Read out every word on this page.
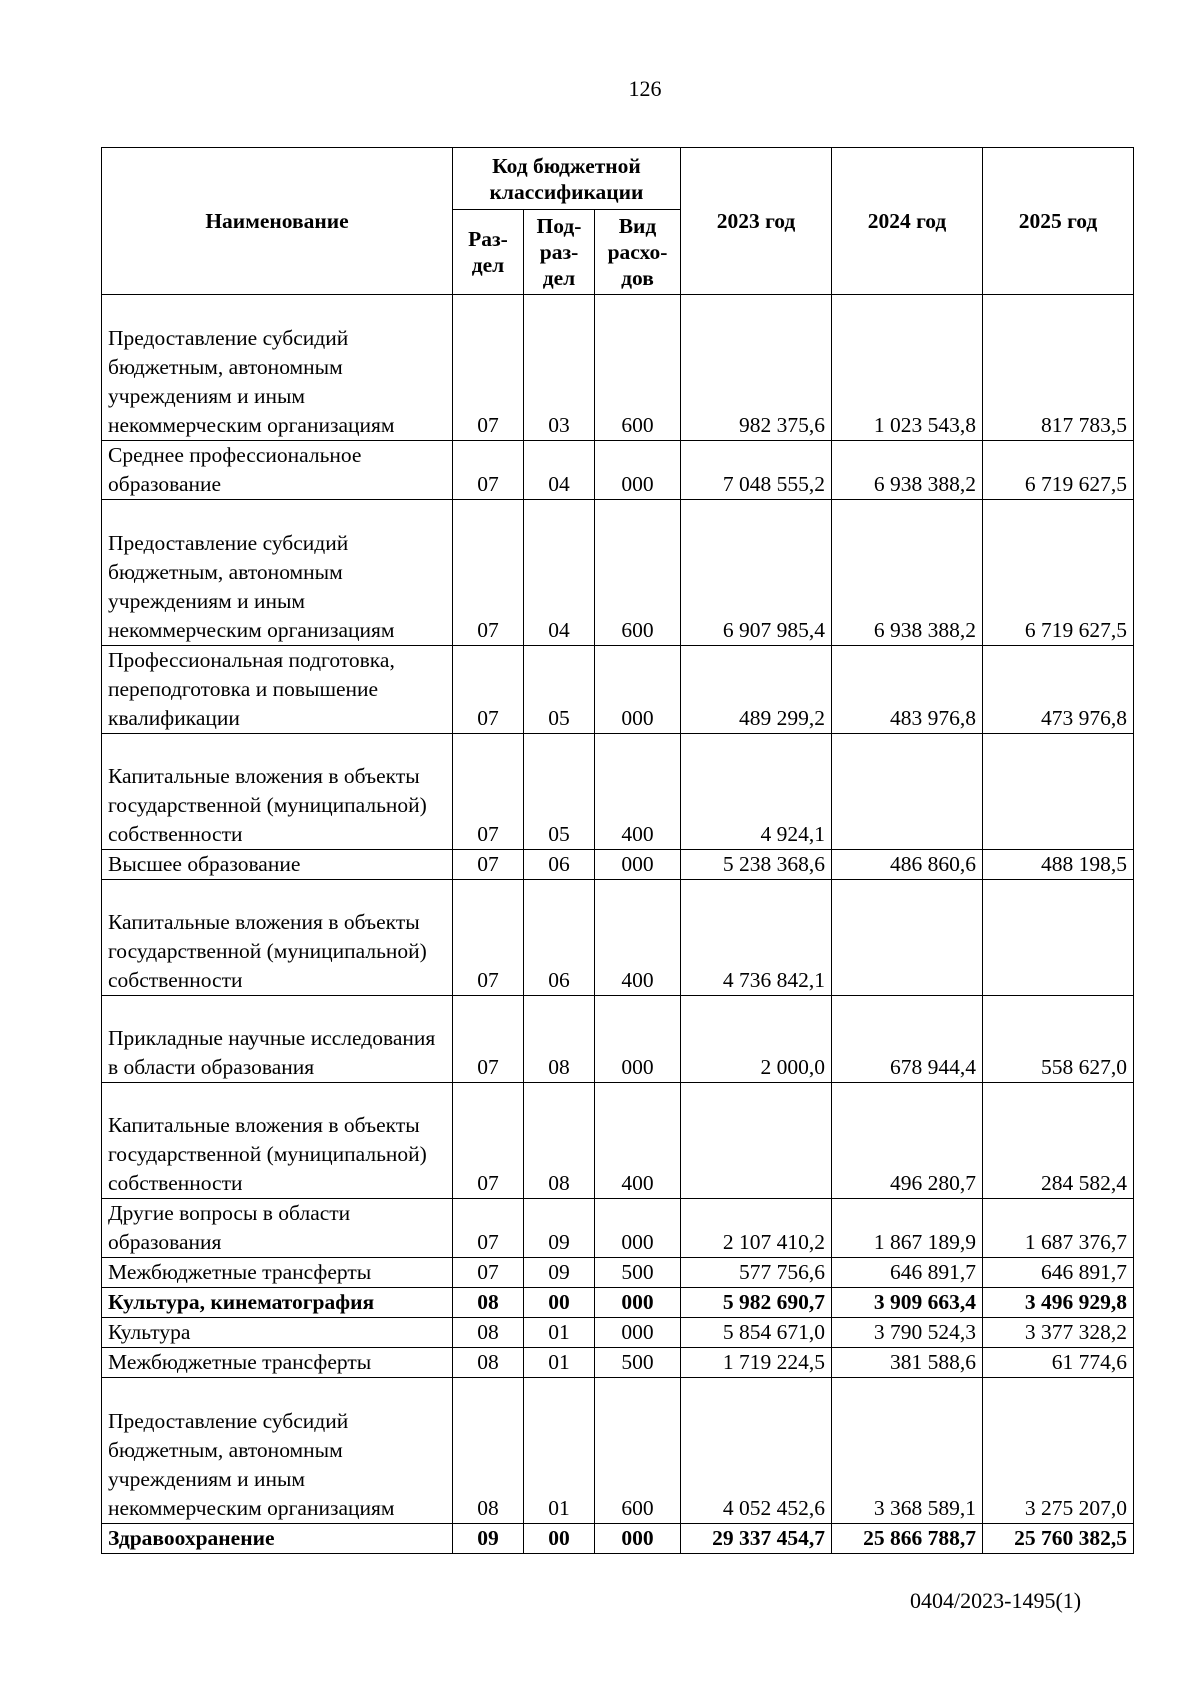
126
Наименование	Код бюджетной классификации			2023 год	2024 год	2025 год
	Раз-дел	Под-раз-дел	Вид расхо-дов			
Предоставление субсидий бюджетным, автономным учреждениям и иным некоммерческим организациям	07	03	600	982 375,6	1 023 543,8	817 783,5
Среднее профессиональное образование	07	04	000	7 048 555,2	6 938 388,2	6 719 627,5
Предоставление субсидий бюджетным, автономным учреждениям и иным некоммерческим организациям	07	04	600	6 907 985,4	6 938 388,2	6 719 627,5
Профессиональная подготовка, переподготовка и повышение квалификации	07	05	000	489 299,2	483 976,8	473 976,8
Капитальные вложения в объекты государственной (муниципальной) собственности	07	05	400	4 924,1		
Высшее образование	07	06	000	5 238 368,6	486 860,6	488 198,5
Капитальные вложения в объекты государственной (муниципальной) собственности	07	06	400	4 736 842,1		
Прикладные научные исследования в области образования	07	08	000	2 000,0	678 944,4	558 627,0
Капитальные вложения в объекты государственной (муниципальной) собственности	07	08	400		496 280,7	284 582,4
Другие вопросы в области образования	07	09	000	2 107 410,2	1 867 189,9	1 687 376,7
Межбюджетные трансферты	07	09	500	577 756,6	646 891,7	646 891,7
Культура, кинематография	08	00	000	5 982 690,7	3 909 663,4	3 496 929,8
Культура	08	01	000	5 854 671,0	3 790 524,3	3 377 328,2
Межбюджетные трансферты	08	01	500	1 719 224,5	381 588,6	61 774,6
Предоставление субсидий бюджетным, автономным учреждениям и иным некоммерческим организациям	08	01	600	4 052 452,6	3 368 589,1	3 275 207,0
Здравоохранение	09	00	000	29 337 454,7	25 866 788,7	25 760 382,5
0404/2023-1495(1)
